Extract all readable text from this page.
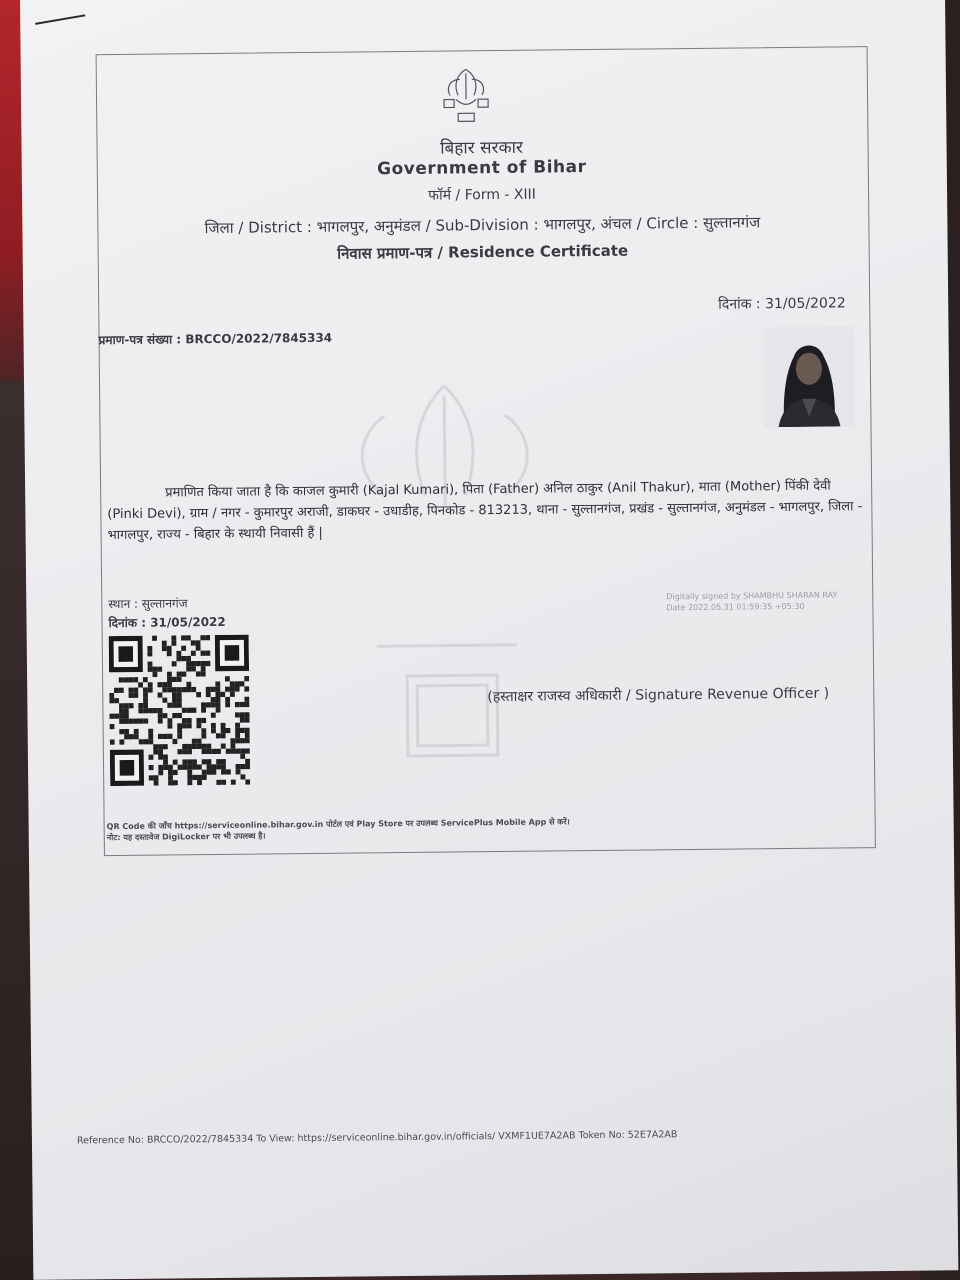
बिहार सरकार
Government of Bihar
फॉर्म / Form - XIII
जिला / District : भागलपुर, अनुमंडल / Sub-Division : भागलपुर, अंचल / Circle : सुल्तानगंज
निवास प्रमाण-पत्र / Residence Certificate
दिनांक : 31/05/2022
प्रमाण-पत्र संख्या : BRCCO/2022/7845334
प्रमाणित किया जाता है कि काजल कुमारी (Kajal Kumari), पिता (Father) अनिल ठाकुर (Anil Thakur), माता (Mother) पिंकी देवी (Pinki Devi), ग्राम / नगर - कुमारपुर अराजी, डाकघर - उधाडीह, पिनकोड - 813213, थाना - सुल्तानगंज, प्रखंड - सुल्तानगंज, अनुमंडल - भागलपुर, जिला - भागलपुर, राज्य - बिहार के स्थायी निवासी हैं |
स्थान : सुल्तानगंज
दिनांक : 31/05/2022
Digitally signed by SHAMBHU SHARAN RAY
Date 2022.05.31 01:59:35 +05:30
(हस्ताक्षर राजस्व अधिकारी / Signature Revenue Officer )
QR Code की जाँच https://serviceonline.bihar.gov.in पोर्टल एवं Play Store पर उपलब्ध ServicePlus Mobile App से करें।
नोट: यह दस्तावेज DigiLocker पर भी उपलब्ध है।
Reference No: BRCCO/2022/7845334 To View: https://serviceonline.bihar.gov.in/officials/ VXMF1UE7A2AB Token No: 52E7A2AB
